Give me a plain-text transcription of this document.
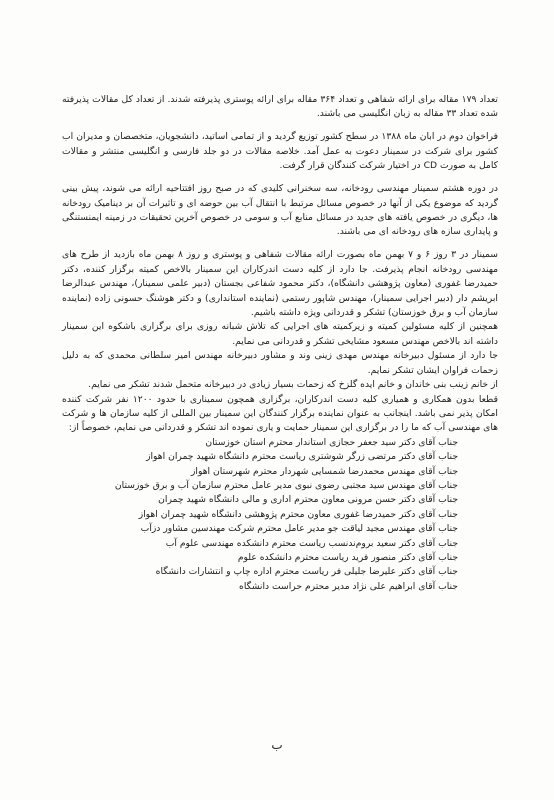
تعداد ۱۷۹ مقاله برای ارائه شفاهی و تعداد ۳۶۴ مقاله برای ارائه پوستری پذیرفته شدند. از تعداد کل مقالات پذیرفته شده تعداد ۳۳ مقاله به زبان انگلیسی می باشند.

فراخوان دوم در ابان ماه ۱۳۸۸ در سطح کشور توزیع گردید و از تمامی اساتید، دانشجویان، متخصصان و مدیران اب کشور برای شرکت در سمینار دعوت به عمل آمد. خلاصه مقالات در دو جلد فارسی و انگلیسی منتشر و مقالات کامل به صورت CD در اختیار شرکت کنندگان قرار گرفت.

در دوره هشتم سمینار مهندسی رودخانه، سه سخنرانی کلیدی که در صبح روز افتتاحیه ارائه می شوند، پیش بینی گردید که موضوع یکی از آنها در خصوص مسائل مرتبط با انتقال آب بین حوضه ای و تاثیرات آن بر دینامیک رودخانه ها، دیگری در خصوص یافته های جدید در مسائل منابع آب و سومی در خصوص آخرین تحقیقات در زمینه ایمنستنگی و پایداری سازه های رودخانه ای می باشند.

سمینار در ۳ روز ۶ و ۷ بهمن ماه بصورت ارائه مقالات شفاهی و پوستری و روز ۸ بهمن ماه بازدید از طرح های مهندسی رودخانه انجام پذیرفت. جا دارد از کلیه دست اندرکاران این سمینار بالاخص کمیته برگزار کننده، دکتر حمیدرضا غفوری (معاون پژوهشی دانشگاه)، دکتر محمود شفاعی بجستان (دبیر علمی سمینار)، مهندس عبدالرضا ابریشم دار (دبیر اجرایی سمینار)، مهندس شاپور رستمی (نماینده استانداری) و دکتر هوشنگ حسونی زاده (نماینده سازمان آب و برق خوزستان) تشکر و قدردانی ویژه داشته باشیم.

همچنین از کلیه مسئولین کمیته و زیرکمیته های اجرایی که تلاش شبانه روزی برای برگزاری باشکوه این سمینار داشته اند بالاخص مهندس مسعود مشایخی تشکر و قدردانی می نمایم.

جا دارد از مسئول دبیرخانه مهندس مهدی زینی وند و مشاور دبیرخانه مهندس امیر سلطانی محمدی که به دلیل زحمات فراوان ایشان تشکر نمایم.

از خانم زینب بنی خاندان و خانم ایده گلزخ که زحمات بسیار زیادی در دبیرخانه متحمل شدند تشکر می نمایم.

قطعا بدون همکاری و همیاری کلیه دست اندرکاران، برگزاری همچون سمیناری با حدود ۱۲۰۰ نفر شرکت کننده امکان پذیر نمی باشد. اینجانب به عنوان نماینده برگزار کنندگان این سمینار بین المللی از کلیه سازمان ها و شرکت های مهندسی آب که ما را در برگزاری این سمینار حمایت و یاری نموده اند تشکر و قدردانی می نمایم، خصوصاً از:

جناب آقای دکتر سید جعفر حجازی استاندار محترم استان خوزستان
جناب آقای دکتر مرتضی زرگر شوشتری ریاست محترم دانشگاه شهید چمران اهواز
جناب آقای مهندس محمدرضا شمسایی شهردار محترم شهرستان اهواز
جناب آقای مهندس سید مجتبی رضوی نبوی مدیر عامل محترم سازمان آب و برق خوزستان
جناب آقای دکتر حسن مرونی معاون محترم اداری و مالی دانشگاه شهید چمران
جناب آقای دکتر حمیدرضا غفوری معاون محترم پژوهشی دانشگاه شهید چمران اهواز
جناب آقای مهندس مجید لیاقت جو مدیر عامل محترم شرکت مهندسین مشاور دزآب
جناب آقای دکتر سعید بروم‌ندنسب ریاست محترم دانشکده مهندسی علوم آب
جناب آقای دکتر منصور فرید ریاست محترم دانشکده علوم
جناب آقای دکتر علیرضا جلیلی فر ریاست محترم اداره چاپ و انتشارات دانشگاه
جناب آقای ابراهیم علی نژاد مدیر محترم حراست دانشگاه
ب
